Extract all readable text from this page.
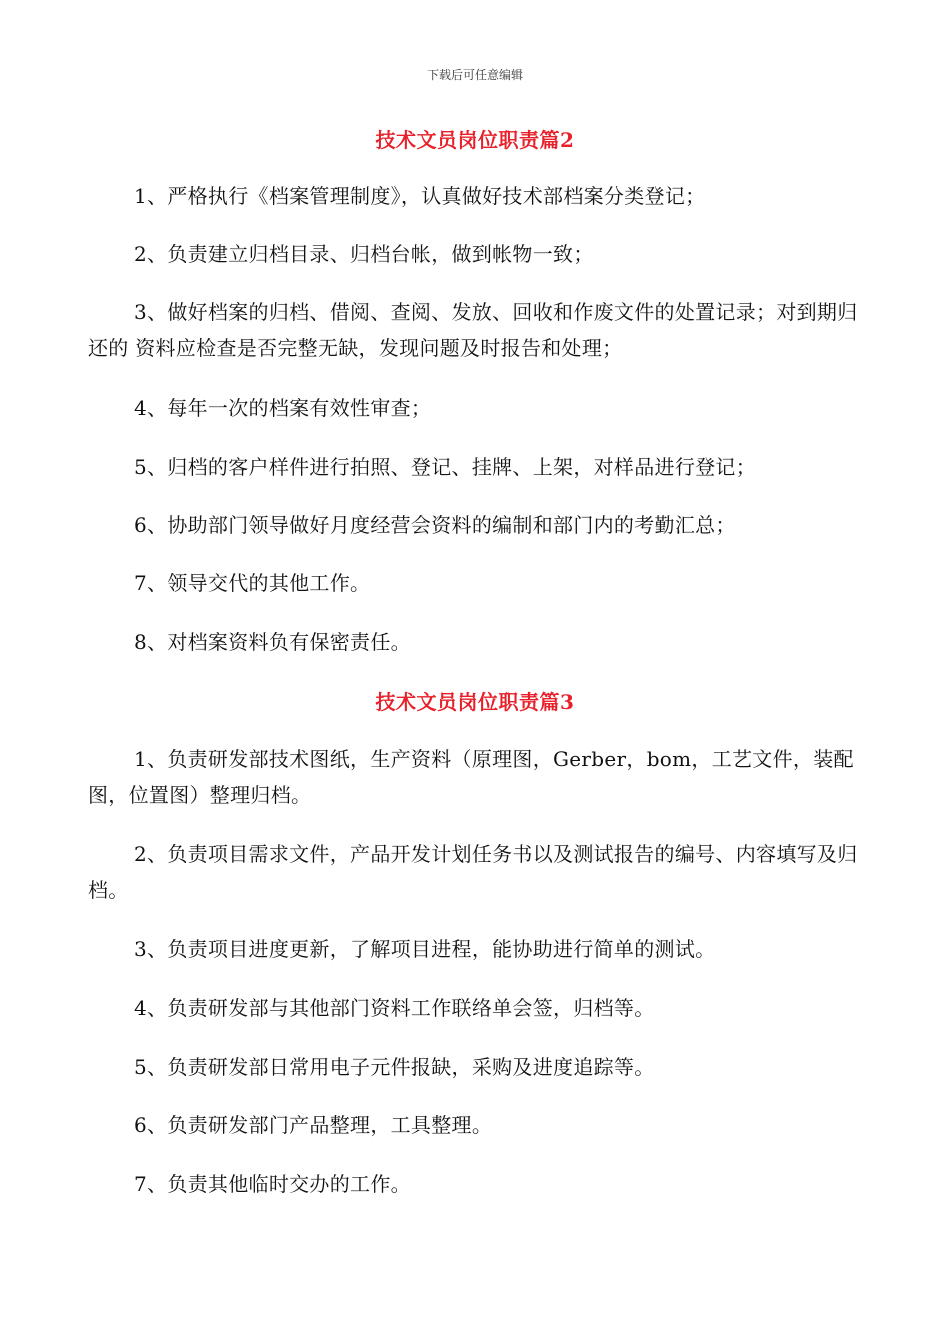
下载后可任意编辑
技术文员岗位职责篇2

1、严格执行《档案管理制度》，认真做好技术部档案分类登记；

2、负责建立归档目录、归档台帐，做到帐物一致；

3、做好档案的归档、借阅、查阅、发放、回收和作废文件的处置记录；对到期归还的 资料应检查是否完整无缺，发现问题及时报告和处理；

4、每年一次的档案有效性审查；

5、归档的客户样件进行拍照、登记、挂牌、上架，对样品进行登记；

6、协助部门领导做好月度经营会资料的编制和部门内的考勤汇总；

7、领导交代的其他工作。

8、对档案资料负有保密责任。

技术文员岗位职责篇3

1、负责研发部技术图纸，生产资料（原理图，Gerber，bom，工艺文件，装配图，位置图）整理归档。

2、负责项目需求文件，产品开发计划任务书以及测试报告的编号、内容填写及归档。

3、负责项目进度更新，了解项目进程，能协助进行简单的测试。

4、负责研发部与其他部门资料工作联络单会签，归档等。

5、负责研发部日常用电子元件报缺，采购及进度追踪等。

6、负责研发部门产品整理，工具整理。

7、负责其他临时交办的工作。
